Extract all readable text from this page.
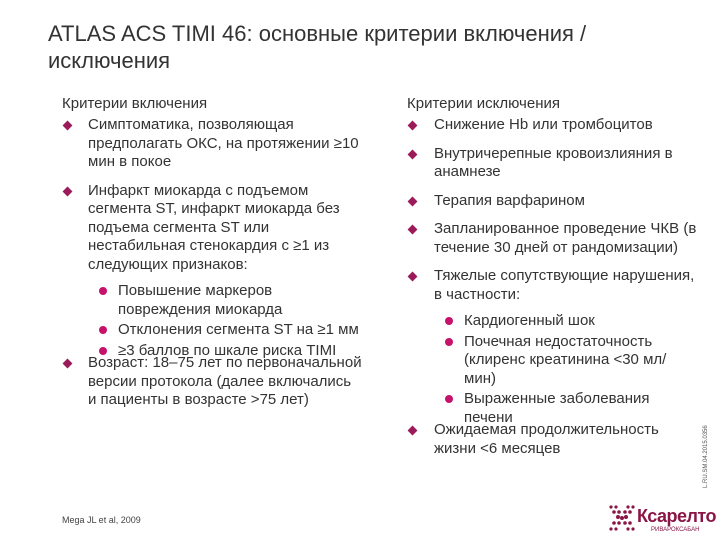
ATLAS ACS TIMI 46: основные критерии включения / исключения
Критерии включения
Симптоматика, позволяющая предполагать ОКС, на протяжении ≥10 мин в покое
Инфаркт миокарда с подъемом сегмента ST, инфаркт миокарда без подъема сегмента ST или нестабильная стенокардия с ≥1 из следующих признаков:
Повышение маркеров повреждения миокарда
Отклонения сегмента ST на ≥1 мм
≥3 баллов по шкале риска TIMI
Возраст: 18–75 лет по первоначальной версии протокола (далее включались и пациенты в возрасте >75 лет)
Критерии исключения
Снижение Hb или тромбоцитов
Внутричерепные кровоизлияния в анамнезе
Терапия варфарином
Запланированное проведение ЧКВ (в течение 30 дней от рандомизации)
Тяжелые сопутствующие нарушения, в частности:
Кардиогенный шок
Почечная недостаточность (клиренс креатинина <30 мл/мин)
Выраженные заболевания печени
Ожидаемая продолжительность жизни <6 месяцев
Mega JL et al, 2009
L.RU.SM.04.2015.0356
Ксарелто
РИВАРОКСАБАН
